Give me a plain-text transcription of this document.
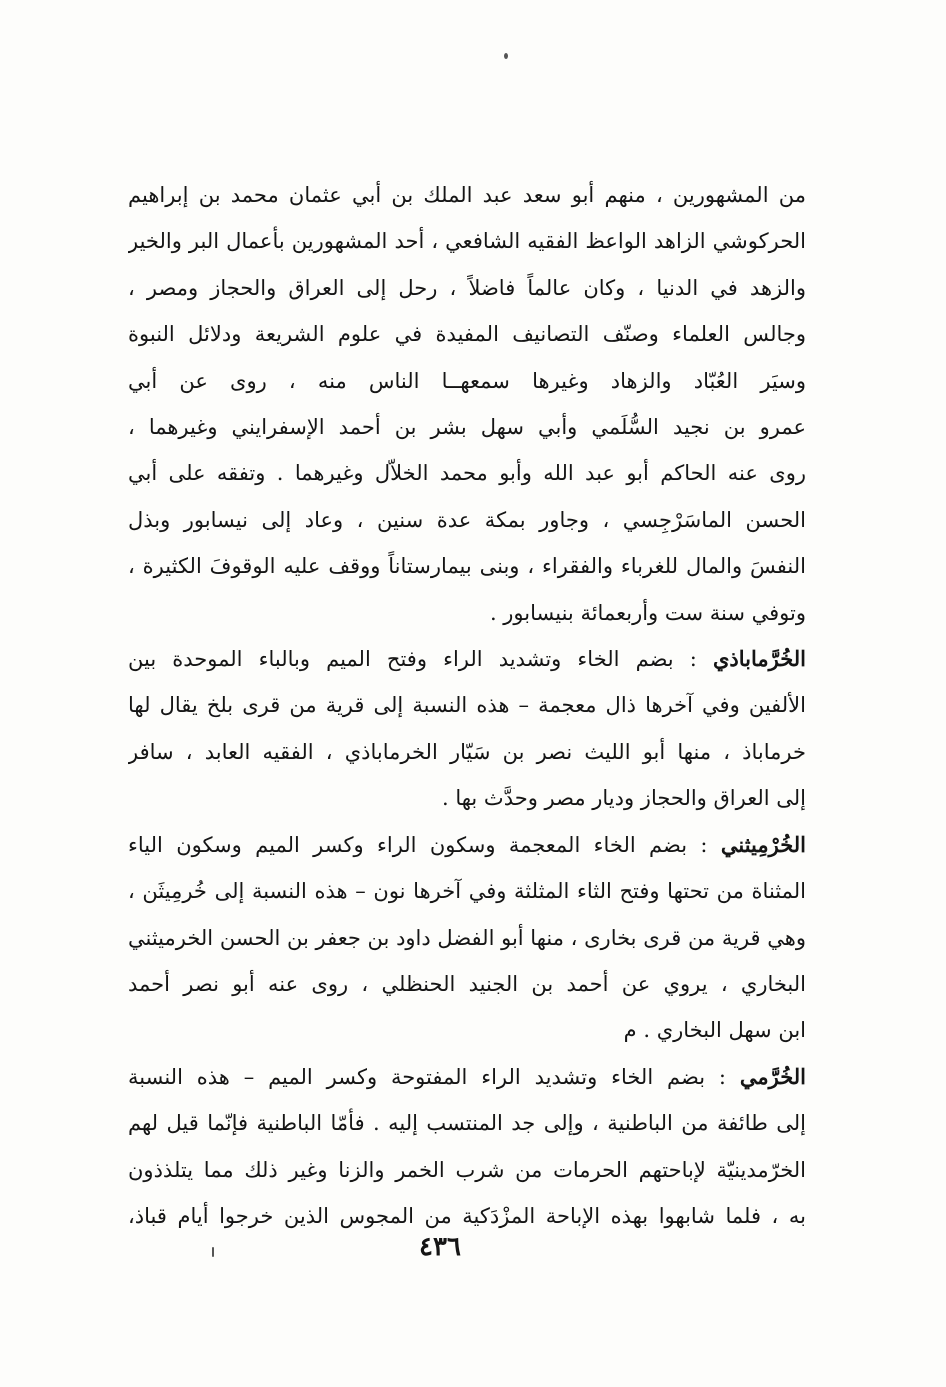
من المشهورين ، منهم أبو سعد عبد الملك بن أبي عثمان محمد بن إبراهيم
الحركوشي الزاهد الواعظ الفقيه الشافعي ، أحد المشهورين بأعمال البر والخير
والزهد في الدنيا ، وكان عالماً فاضلاً ، رحل إلى العراق والحجاز ومصر ،
وجالس العلماء وصنّف التصانيف المفيدة في علوم الشريعة ودلائل النبوة
وسيَر العُبّاد والزهاد وغيرها سمعهــا الناس منه ، روى عن أبي
عمرو بن نجيد السُّلَمي وأبي سهل بشر بن أحمد الإسفرايني وغيرهما ،
روى عنه الحاكم أبو عبد الله وأبو محمد الخلاّل وغيرهما . وتفقه على أبي
الحسن الماسَرْجِسي ، وجاور بمكة عدة سنين ، وعاد إلى نيسابور وبذل
النفسَ والمال للغرباء والفقراء ، وبنى بيمارستاناً ووقف عليه الوقوفَ الكثيرة ،
وتوفي سنة ست وأربعمائة بنيسابور .
الخُرَّماباذي : بضم الخاء وتشديد الراء وفتح الميم وبالباء الموحدة بين
الألفين وفي آخرها ذال معجمة – هذه النسبة إلى قرية من قرى بلخ يقال لها
خرماباذ ، منها أبو الليث نصر بن سَيّار الخرماباذي ، الفقيه العابد ، سافر
إلى العراق والحجاز وديار مصر وحدَّث بها .
الخُرْمِيثني : بضم الخاء المعجمة وسكون الراء وكسر الميم وسكون الياء
المثناة من تحتها وفتح الثاء المثلثة وفي آخرها نون – هذه النسبة إلى خُرمِيثَن ،
وهي قرية من قرى بخارى ، منها أبو الفضل داود بن جعفر بن الحسن الخرميثني
البخاري ، يروي عن أحمد بن الجنيد الحنظلي ، روى عنه أبو نصر أحمد
ابن سهل البخاري . م
الخُرَّمي : بضم الخاء وتشديد الراء المفتوحة وكسر الميم – هذه النسبة
إلى طائفة من الباطنية ، وإلى جد المنتسب إليه . فأمّا الباطنية فإنّما قيل لهم
الخرّمدينيّة لإباحتهم الحرمات من شرب الخمر والزنا وغير ذلك مما يتلذذون
به ، فلما شابهوا بهذه الإباحة المزْدَكية من المجوس الذين خرجوا أيام قباذ،
٤٣٦
